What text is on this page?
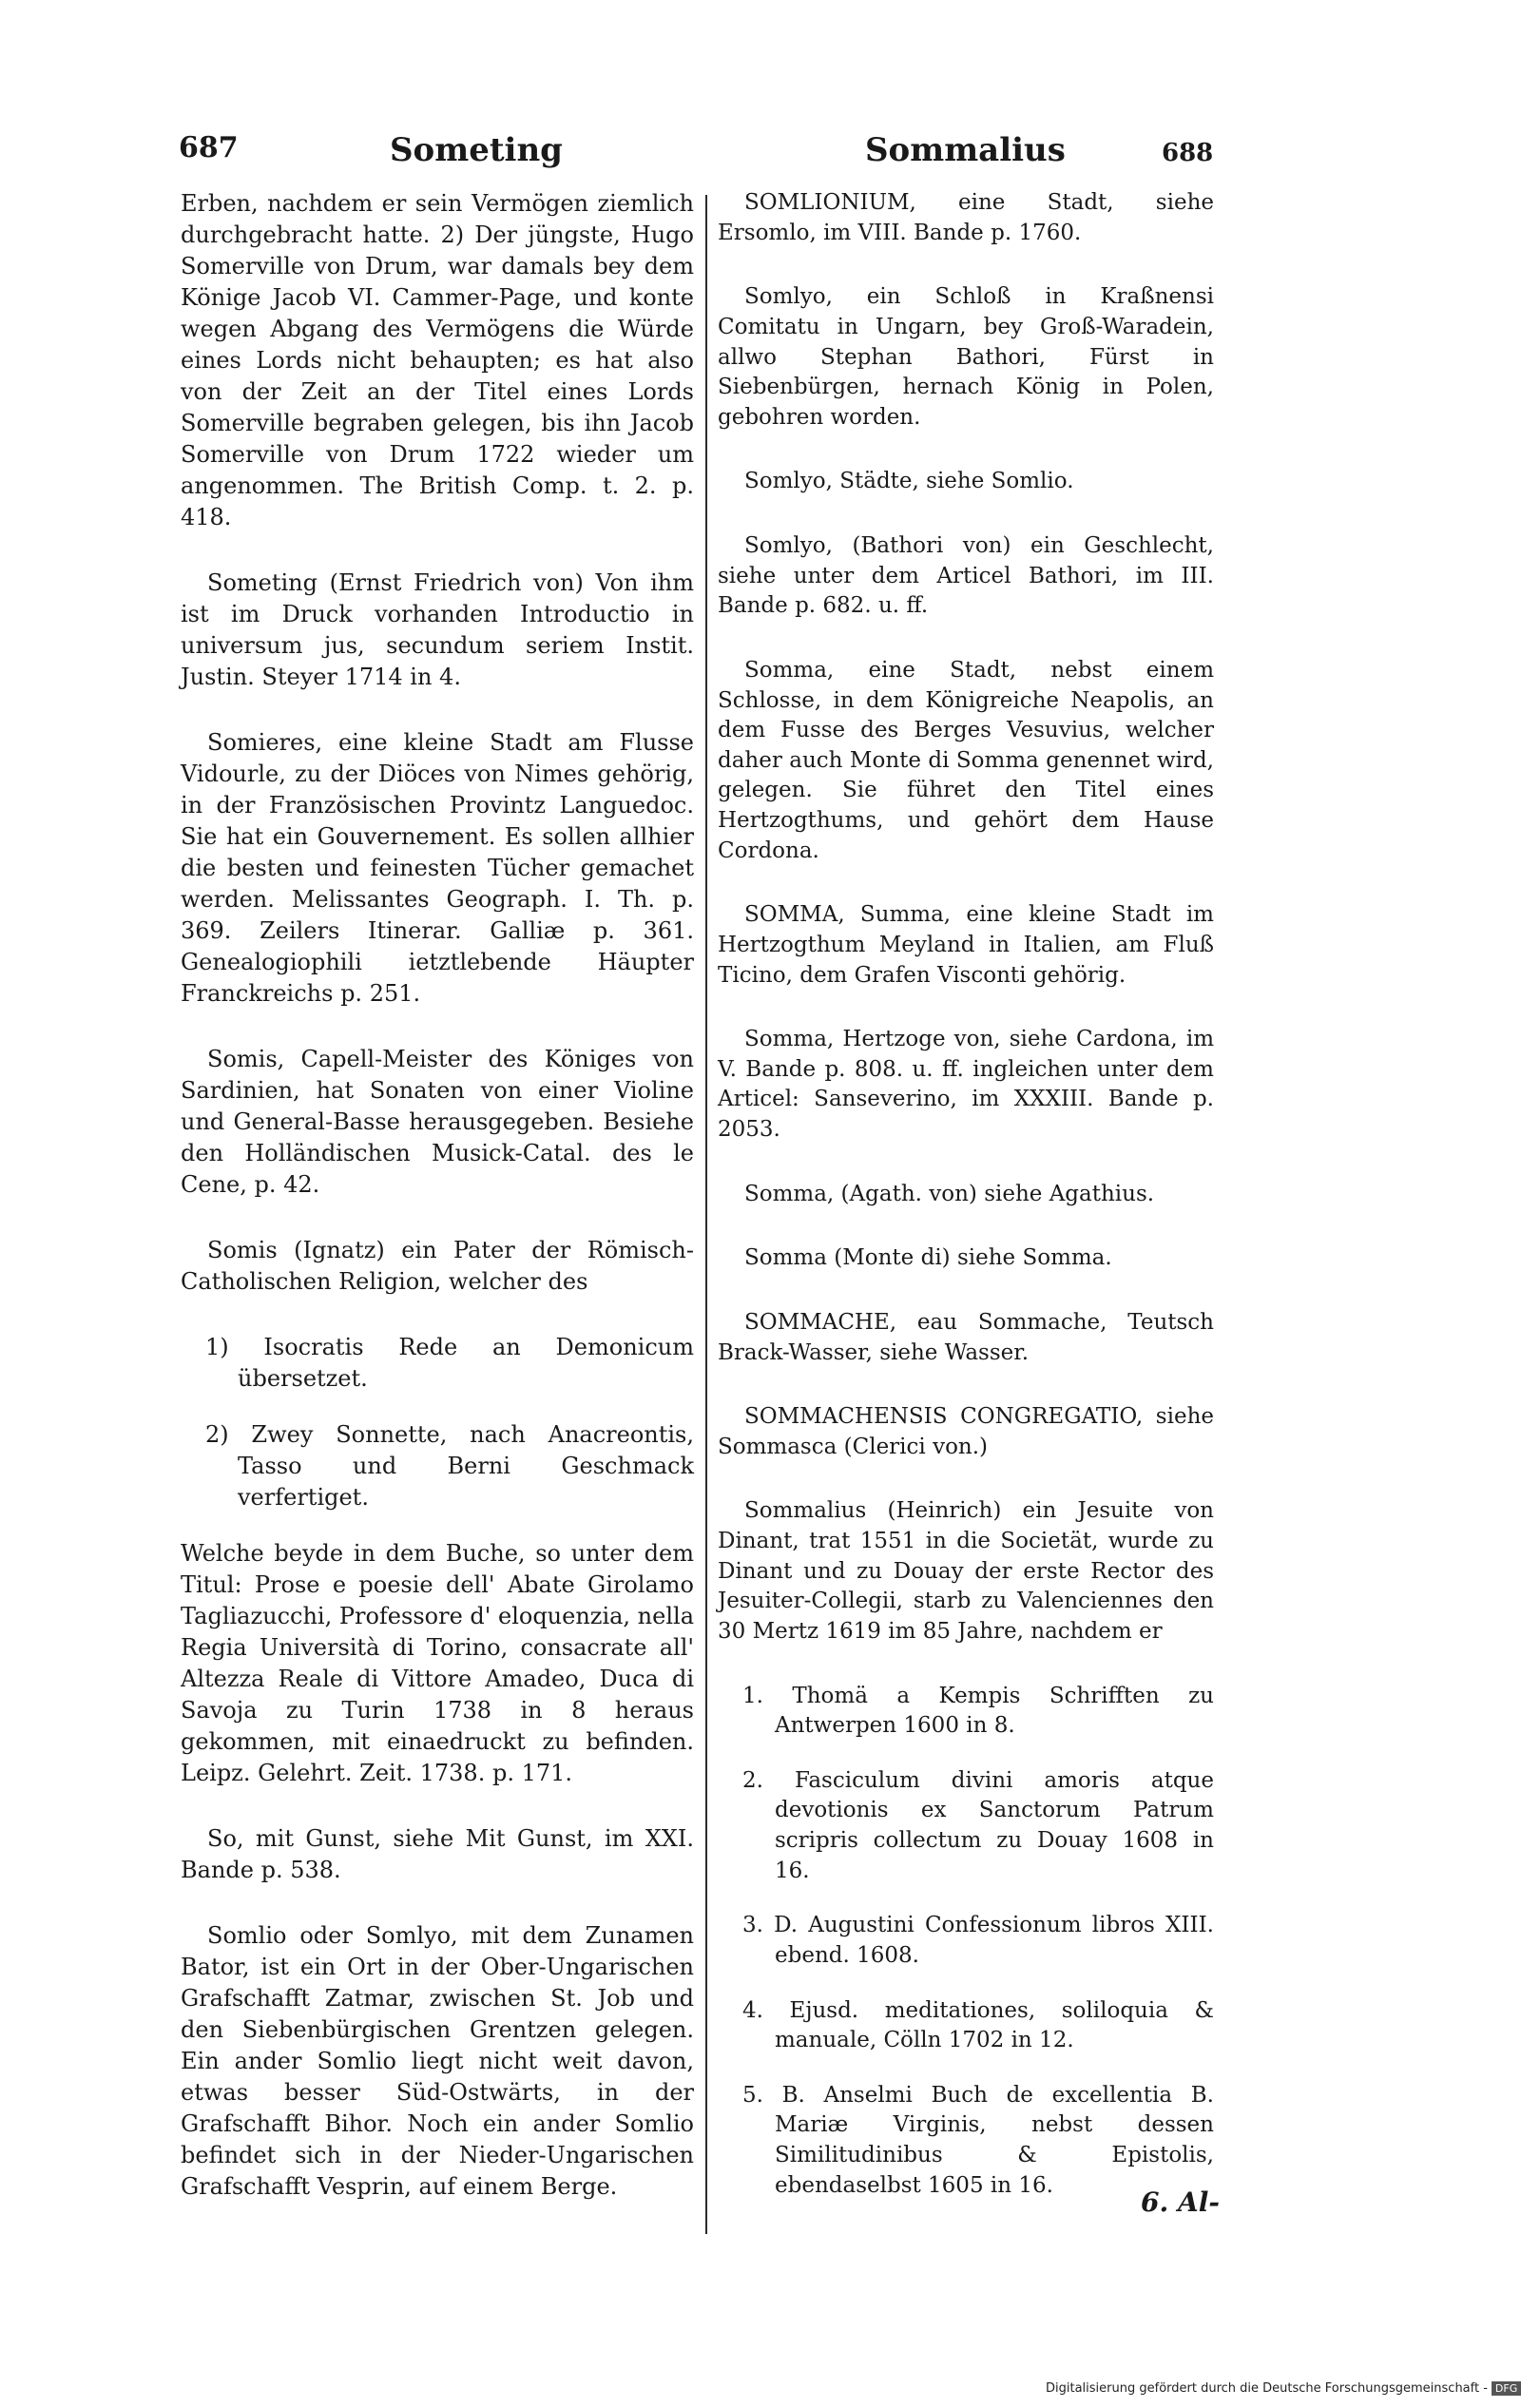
687	Someting	Sommalius	688

Erben, nachdem er sein Vermögen ziemlich durchgebracht hatte. 2) Der jüngste, Hugo Somerville von Drum, war damals bey dem Könige Jacob VI. Cammer-Page, und konte wegen Abgang des Vermögens die Würde eines Lords nicht behaupten; es hat also von der Zeit an der Titel eines Lords Somerville begraben gelegen, bis ihn Jacob Somerville von Drum 1722 wieder um angenommen. The British Comp. t. 2. p. 418.

Someting (Ernst Friedrich von) Von ihm ist im Druck vorhanden Introductio in universum jus, secundum seriem Instit. Justin. Steyer 1714 in 4.

Somieres, eine kleine Stadt am Flusse Vidourle, zu der Diöces von Nimes gehörig, in der Französischen Provintz Languedoc. Sie hat ein Gouvernement. Es sollen allhier die besten und feinesten Tücher gemachet werden. Melissantes Geograph. I. Th. p. 369. Zeilers Itinerar. Galliæ p. 361. Genealogiophili ietztlebende Häupter Franckreichs p. 251.

Somis, Capell-Meister des Königes von Sardinien, hat Sonaten von einer Violine und General-Basse herausgegeben. Besiehe den Holländischen Musick-Catal. des le Cene, p. 42.

Somis (Ignatz) ein Pater der Römisch-Catholischen Religion, welcher des

1) Isocratis Rede an Demonicum übersetzet.

2) Zwey Sonnette, nach Anacreontis, Tasso und Berni Geschmack verfertiget.

Welche beyde in dem Buche, so unter dem Titul: Prose e poesie dell' Abate Girolamo Tagliazucchi, Professore d' eloquenzia, nella Regia Università di Torino, consacrate all' Altezza Reale di Vittore Amadeo, Duca di Savoja zu Turin 1738 in 8 heraus gekommen, mit einaedruckt zu befinden. Leipz. Gelehrt. Zeit. 1738. p. 171.

So, mit Gunst, siehe Mit Gunst, im XXI. Bande p. 538.

Somlio oder Somlyo, mit dem Zunamen Bator, ist ein Ort in der Ober-Ungarischen Grafschafft Zatmar, zwischen St. Job und den Siebenbürgischen Grentzen gelegen. Ein ander Somlio liegt nicht weit davon, etwas besser Süd-Ostwärts, in der Grafschafft Bihor. Noch ein ander Somlio befindet sich in der Nieder-Ungarischen Grafschafft Vesprin, auf einem Berge.

SOMLIONIUM, eine Stadt, siehe Ersomlo, im VIII. Bande p. 1760.

Somlyo, ein Schloß in Kraßnensi Comitatu in Ungarn, bey Groß-Waradein, allwo Stephan Bathori, Fürst in Siebenbürgen, hernach König in Polen, gebohren worden.

Somlyo, Städte, siehe Somlio.

Somlyo, (Bathori von) ein Geschlecht, siehe unter dem Articel Bathori, im III. Bande p. 682. u. ff.

Somma, eine Stadt, nebst einem Schlosse, in dem Königreiche Neapolis, an dem Fusse des Berges Vesuvius, welcher daher auch Monte di Somma genennet wird, gelegen. Sie führet den Titel eines Hertzogthums, und gehört dem Hause Cordona.

SOMMA, Summa, eine kleine Stadt im Hertzogthum Meyland in Italien, am Fluß Ticino, dem Grafen Visconti gehörig.

Somma, Hertzoge von, siehe Cardona, im V. Bande p. 808. u. ff. ingleichen unter dem Articel: Sanseverino, im XXXIII. Bande p. 2053.

Somma, (Agath. von) siehe Agathius.

Somma (Monte di) siehe Somma.

SOMMACHE, eau Sommache, Teutsch Brack-Wasser, siehe Wasser.

SOMMACHENSIS CONGREGATIO, siehe Sommasca (Clerici von.)

Sommalius (Heinrich) ein Jesuite von Dinant, trat 1551 in die Societät, wurde zu Dinant und zu Douay der erste Rector des Jesuiter-Collegii, starb zu Valenciennes den 30 Mertz 1619 im 85 Jahre, nachdem er

1. Thomä a Kempis Schrifften zu Antwerpen 1600 in 8.

2. Fasciculum divini amoris atque devotionis ex Sanctorum Patrum scripris collectum zu Douay 1608 in 16.

3. D. Augustini Confessionum libros XIII. ebend. 1608.

4. Ejusd. meditationes, soliloquia & manuale, Cölln 1702 in 12.

5. B. Anselmi Buch de excellentia B. Mariæ Virginis, nebst dessen Similitudinibus & Epistolis, ebendaselbst 1605 in 16.

6. Al-
Digitalisierung gefördert durch die Deutsche Forschungsgemeinschaft - DFG
